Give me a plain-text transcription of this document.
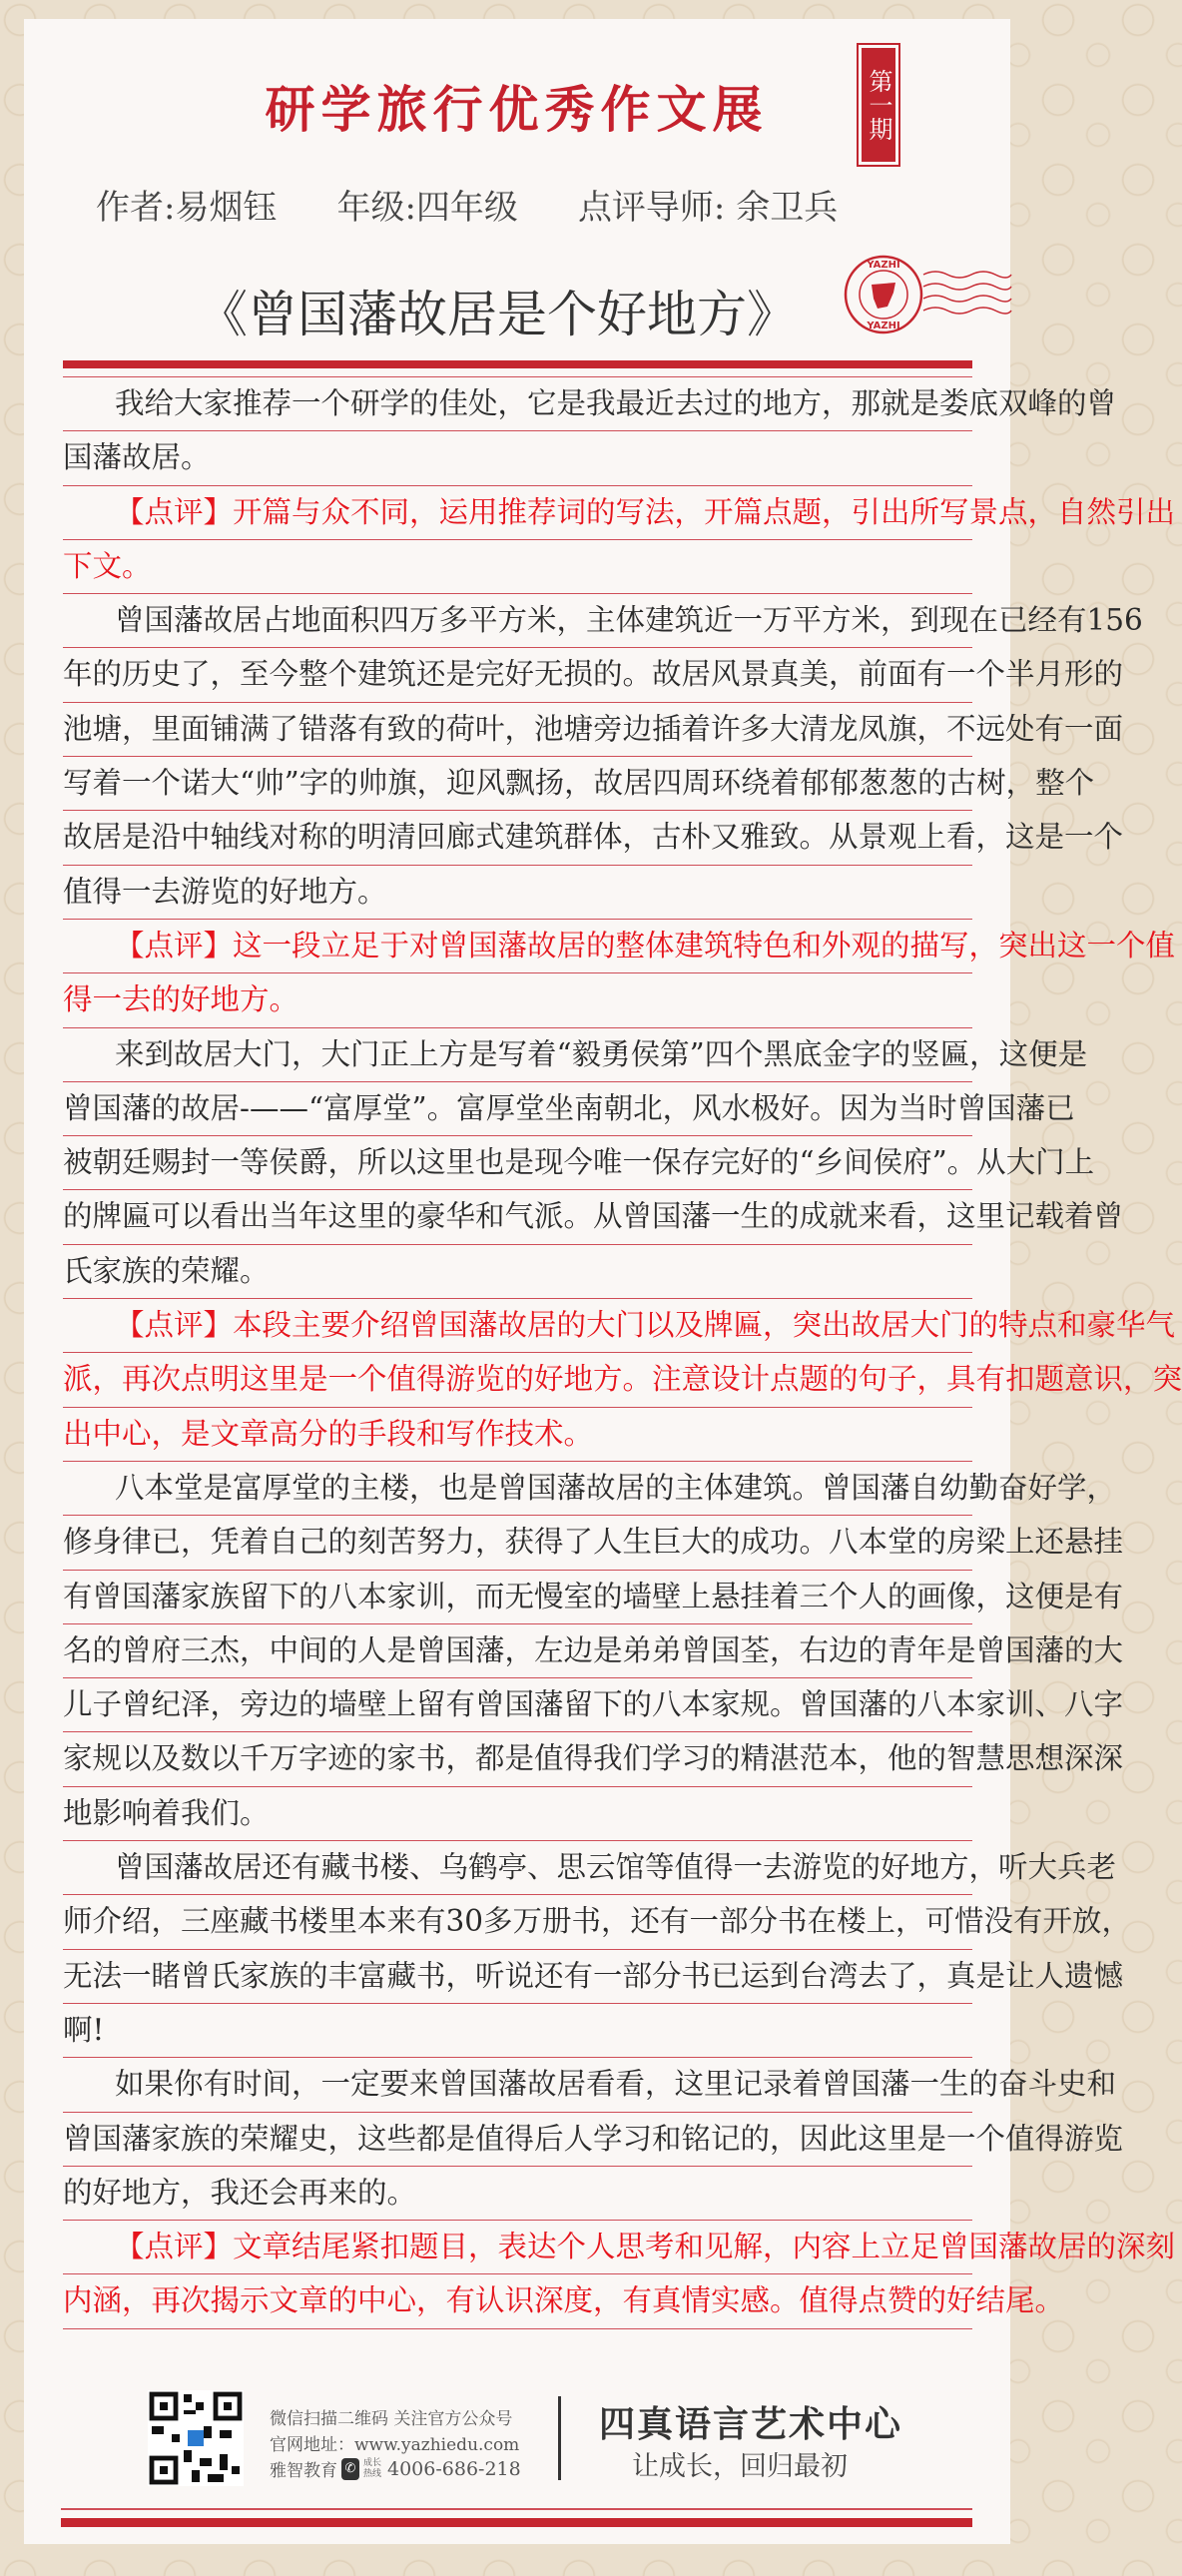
研学旅行优秀作文展	第一期
作者:易烟钰 年级:四年级 点评导师: 余卫兵
《曾国藩故居是个好地方》
YAZHI
YAZHI
我给大家推荐一个研学的佳处，它是我最近去过的地方，那就是娄底双峰的曾
国藩故居。
【点评】开篇与众不同，运用推荐词的写法，开篇点题，引出所写景点，自然引出
下文。
曾国藩故居占地面积四万多平方米，主体建筑近一万平方米，到现在已经有156
年的历史了，至今整个建筑还是完好无损的。故居风景真美，前面有一个半月形的
池塘，里面铺满了错落有致的荷叶，池塘旁边插着许多大清龙凤旗，不远处有一面
写着一个诺大“帅”字的帅旗，迎风飘扬，故居四周环绕着郁郁葱葱的古树，整个
故居是沿中轴线对称的明清回廊式建筑群体，古朴又雅致。从景观上看，这是一个
值得一去游览的好地方。
【点评】这一段立足于对曾国藩故居的整体建筑特色和外观的描写，突出这一个值
得一去的好地方。
来到故居大门，大门正上方是写着“毅勇侯第”四个黑底金字的竖匾，这便是
曾国藩的故居-——“富厚堂”。富厚堂坐南朝北，风水极好。因为当时曾国藩已
被朝廷赐封一等侯爵，所以这里也是现今唯一保存完好的“乡间侯府”。从大门上
的牌匾可以看出当年这里的豪华和气派。从曾国藩一生的成就来看，这里记载着曾
氏家族的荣耀。
【点评】本段主要介绍曾国藩故居的大门以及牌匾，突出故居大门的特点和豪华气
派，再次点明这里是一个值得游览的好地方。注意设计点题的句子，具有扣题意识，突
出中心，是文章高分的手段和写作技术。
八本堂是富厚堂的主楼，也是曾国藩故居的主体建筑。曾国藩自幼勤奋好学，
修身律已，凭着自己的刻苦努力，获得了人生巨大的成功。八本堂的房梁上还悬挂
有曾国藩家族留下的八本家训，而无慢室的墙壁上悬挂着三个人的画像，这便是有
名的曾府三杰，中间的人是曾国藩，左边是弟弟曾国荃，右边的青年是曾国藩的大
儿子曾纪泽，旁边的墙壁上留有曾国藩留下的八本家规。曾国藩的八本家训、八字
家规以及数以千万字迹的家书，都是值得我们学习的精湛范本，他的智慧思想深深
地影响着我们。
曾国藩故居还有藏书楼、乌鹤亭、思云馆等值得一去游览的好地方，听大兵老
师介绍，三座藏书楼里本来有30多万册书，还有一部分书在楼上，可惜没有开放，
无法一睹曾氏家族的丰富藏书，听说还有一部分书已运到台湾去了，真是让人遗憾
啊!
如果你有时间，一定要来曾国藩故居看看，这里记录着曾国藩一生的奋斗史和
曾国藩家族的荣耀史，这些都是值得后人学习和铭记的，因此这里是一个值得游览
的好地方，我还会再来的。
【点评】文章结尾紧扣题目，表达个人思考和见解，内容上立足曾国藩故居的深刻
内涵，再次揭示文章的中心，有认识深度，有真情实感。值得点赞的好结尾。
微信扫描二维码 关注官方公众号
官网地址：www.yazhiedu.com
雅智教育 ✆ 成长热线 4006-686-218
四真语言艺术中心
让成长，回归最初
